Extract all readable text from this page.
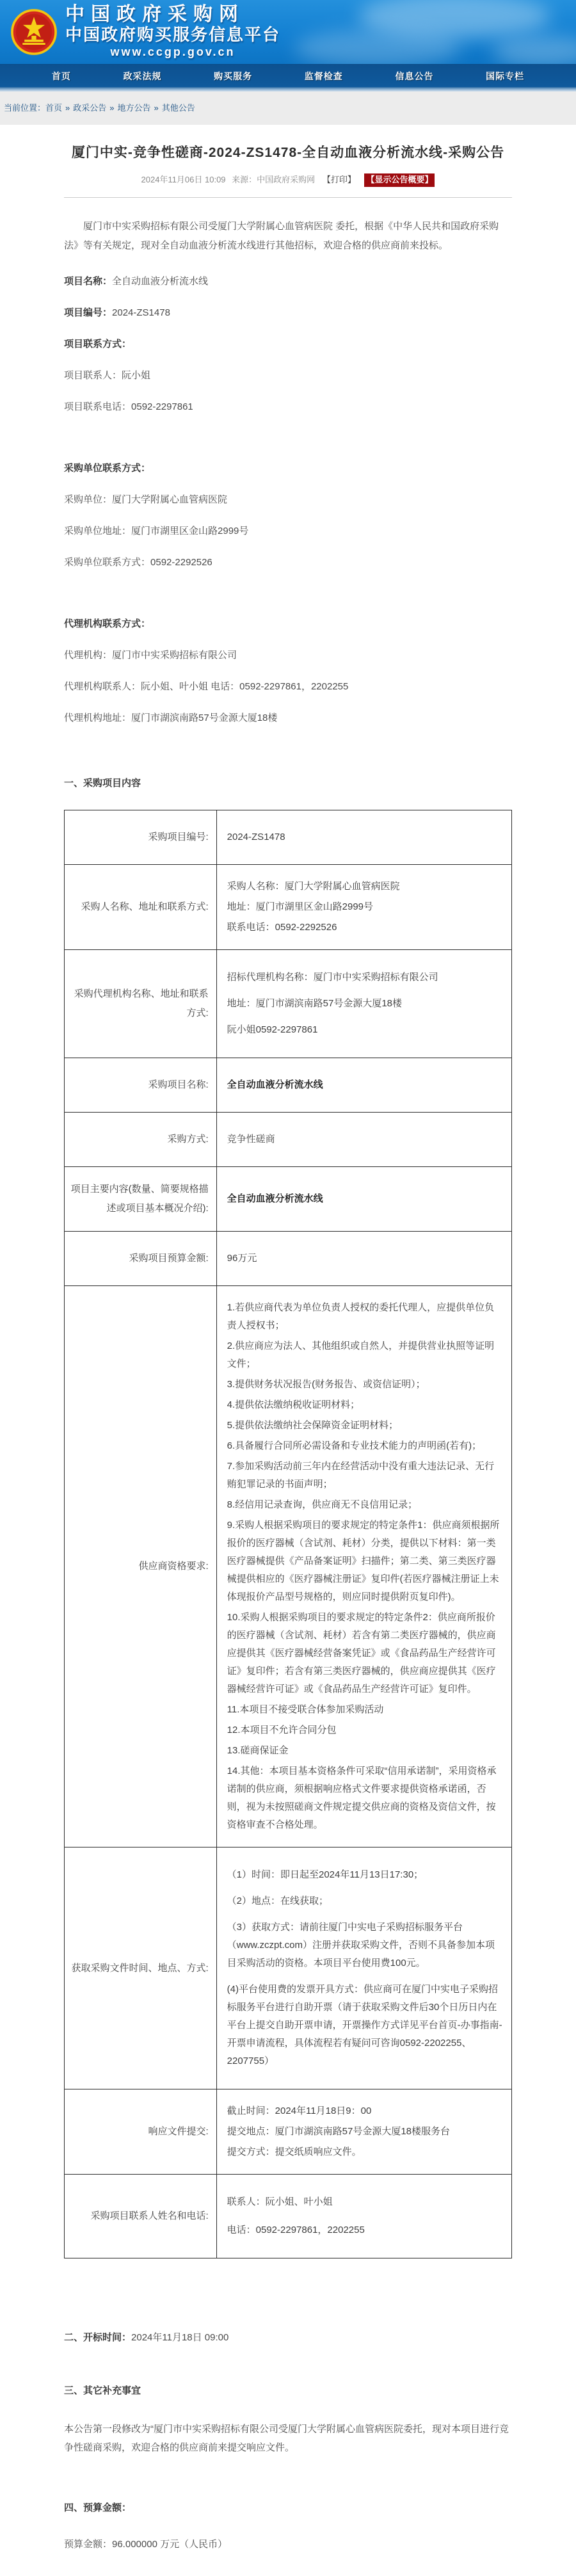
中国政府采购网
中国政府购买服务信息平台
www.ccgp.gov.cn
首页	政采法规	购买服务	监督检查	信息公告	国际专栏
当前位置：首页 » 政采公告 » 地方公告 » 其他公告
厦门中实-竞争性磋商-2024-ZS1478-全自动血液分析流水线-采购公告
2024年11月06日 10:09 来源：中国政府采购网 【打印】 【显示公告概要】

厦门市中实采购招标有限公司受厦门大学附属心血管病医院 委托，根据《中华人民共和国政府采购法》等有关规定，现对全自动血液分析流水线进行其他招标，欢迎合格的供应商前来投标。

项目名称：全自动血液分析流水线
项目编号：2024-ZS1478
项目联系方式：
项目联系人：阮小姐
项目联系电话：0592-2297861
采购单位联系方式：
采购单位：厦门大学附属心血管病医院
采购单位地址：厦门市湖里区金山路2999号
采购单位联系方式：0592-2292526
代理机构联系方式：
代理机构：厦门市中实采购招标有限公司
代理机构联系人：阮小姐、叶小姐 电话：0592-2297861，2202255
代理机构地址：厦门市湖滨南路57号金源大厦18楼
一、采购项目内容
采购项目编号:	2024-ZS1478

采购人名称、地址和联系方式:	采购人名称：厦门大学附属心血管病医院

地址：厦门市湖里区金山路2999号

联系电话：0592-2292526

采购代理机构名称、地址和联系方式:	招标代理机构名称：厦门市中实采购招标有限公司

地址：厦门市湖滨南路57号金源大厦18楼

阮小姐0592-2297861

采购项目名称:	全自动血液分析流水线

采购方式:	竞争性磋商

项目主要内容(数量、简要规格描述或项目基本概况介绍):	全自动血液分析流水线

采购项目预算金额:	96万元

供应商资格要求:	

1.若供应商代表为单位负责人授权的委托代理人，应提供单位负责人授权书；

2.供应商应为法人、其他组织或自然人，并提供营业执照等证明文件；

3.提供财务状况报告(财务报告、或资信证明）；

4.提供依法缴纳税收证明材料；

5.提供依法缴纳社会保障资金证明材料；

6.具备履行合同所必需设备和专业技术能力的声明函(若有)；

7.参加采购活动前三年内在经营活动中没有重大违法记录、无行贿犯罪记录的书面声明；

8.经信用记录查询，供应商无不良信用记录；

9.采购人根据采购项目的要求规定的特定条件1：供应商须根据所报价的医疗器械（含试剂、耗材）分类，提供以下材料：第一类医疗器械提供《产品备案证明》扫描件；第二类、第三类医疗器械提供相应的《医疗器械注册证》复印件(若医疗器械注册证上未体现报价产品型号规格的，则应同时提供附页复印件)。

10.采购人根据采购项目的要求规定的特定条件2：供应商所报价的医疗器械（含试剂、耗材）若含有第二类医疗器械的，供应商应提供其《医疗器械经营备案凭证》或《食品药品生产经营许可证》复印件；若含有第三类医疗器械的，供应商应提供其《医疗器械经营许可证》或《食品药品生产经营许可证》复印件。

11.本项目不接受联合体参加采购活动

12.本项目不允许合同分包

13.磋商保证金

14.其他：本项目基本资格条件可采取“信用承诺制”，采用资格承诺制的供应商，须根据响应格式文件要求提供资格承诺函，否则，视为未按照磋商文件规定提交供应商的资格及资信文件，按资格审查不合格处理。

获取采购文件时间、地点、方式:	（1）时间：即日起至2024年11月13日17:30；

（2）地点：在线获取；

（3）获取方式：请前往厦门中实电子采购招标服务平台（www.zczpt.com）注册并获取采购文件，否则不具备参加本项目采购活动的资格。本项目平台使用费100元。

(4)平台使用费的发票开具方式：供应商可在厦门中实电子采购招标服务平台进行自助开票（请于获取采购文件后30个日历日内在平台上提交自助开票申请，开票操作方式详见平台首页-办事指南-开票申请流程，具体流程若有疑问可咨询0592-2202255、2207755）

响应文件提交:	截止时间：2024年11月18日9：00

提交地点：厦门市湖滨南路57号金源大厦18楼服务台

提交方式：提交纸质响应文件。

采购项目联系人姓名和电话:	联系人：阮小姐、叶小姐

电话：0592-2297861，2202255

二、开标时间：2024年11月18日 09:00
三、其它补充事宜

本公告第一段修改为“厦门市中实采购招标有限公司受厦门大学附属心血管病医院委托，现对本项目进行竞争性磋商采购，欢迎合格的供应商前来提交响应文件。

四、预算金额：
预算金额：96.000000 万元（人民币）
